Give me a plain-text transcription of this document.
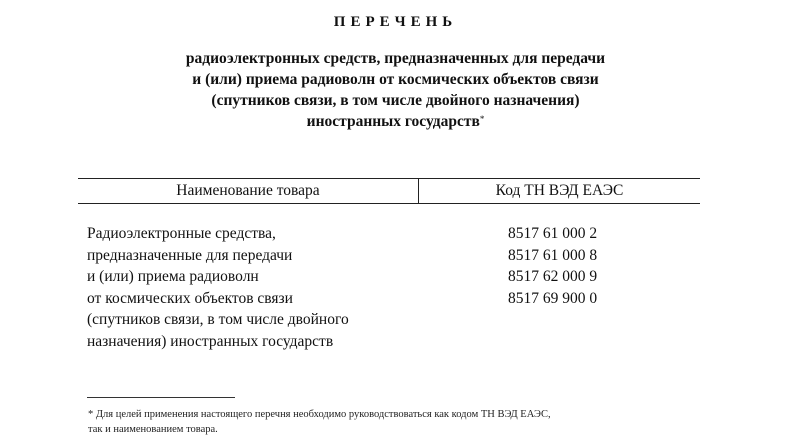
ПЕРЕЧЕНЬ
радиоэлектронных средств, предназначенных для передачи
и (или) приема радиоволн от космических объектов связи
(спутников связи, в том числе двойного назначения)
иностранных государств*
Наименование товара	Код ТН ВЭД ЕАЭС
Радиоэлектронные средства,
предназначенные для передачи
и (или) приема радиоволн
от космических объектов связи
(спутников связи, в том числе двойного
назначения) иностранных государств
8517 61 000 2
8517 61 000 8
8517 62 000 9
8517 69 900 0
* Для целей применения настоящего перечня необходимо руководствоваться как кодом ТН ВЭД ЕАЭС,
так и наименованием товара.
